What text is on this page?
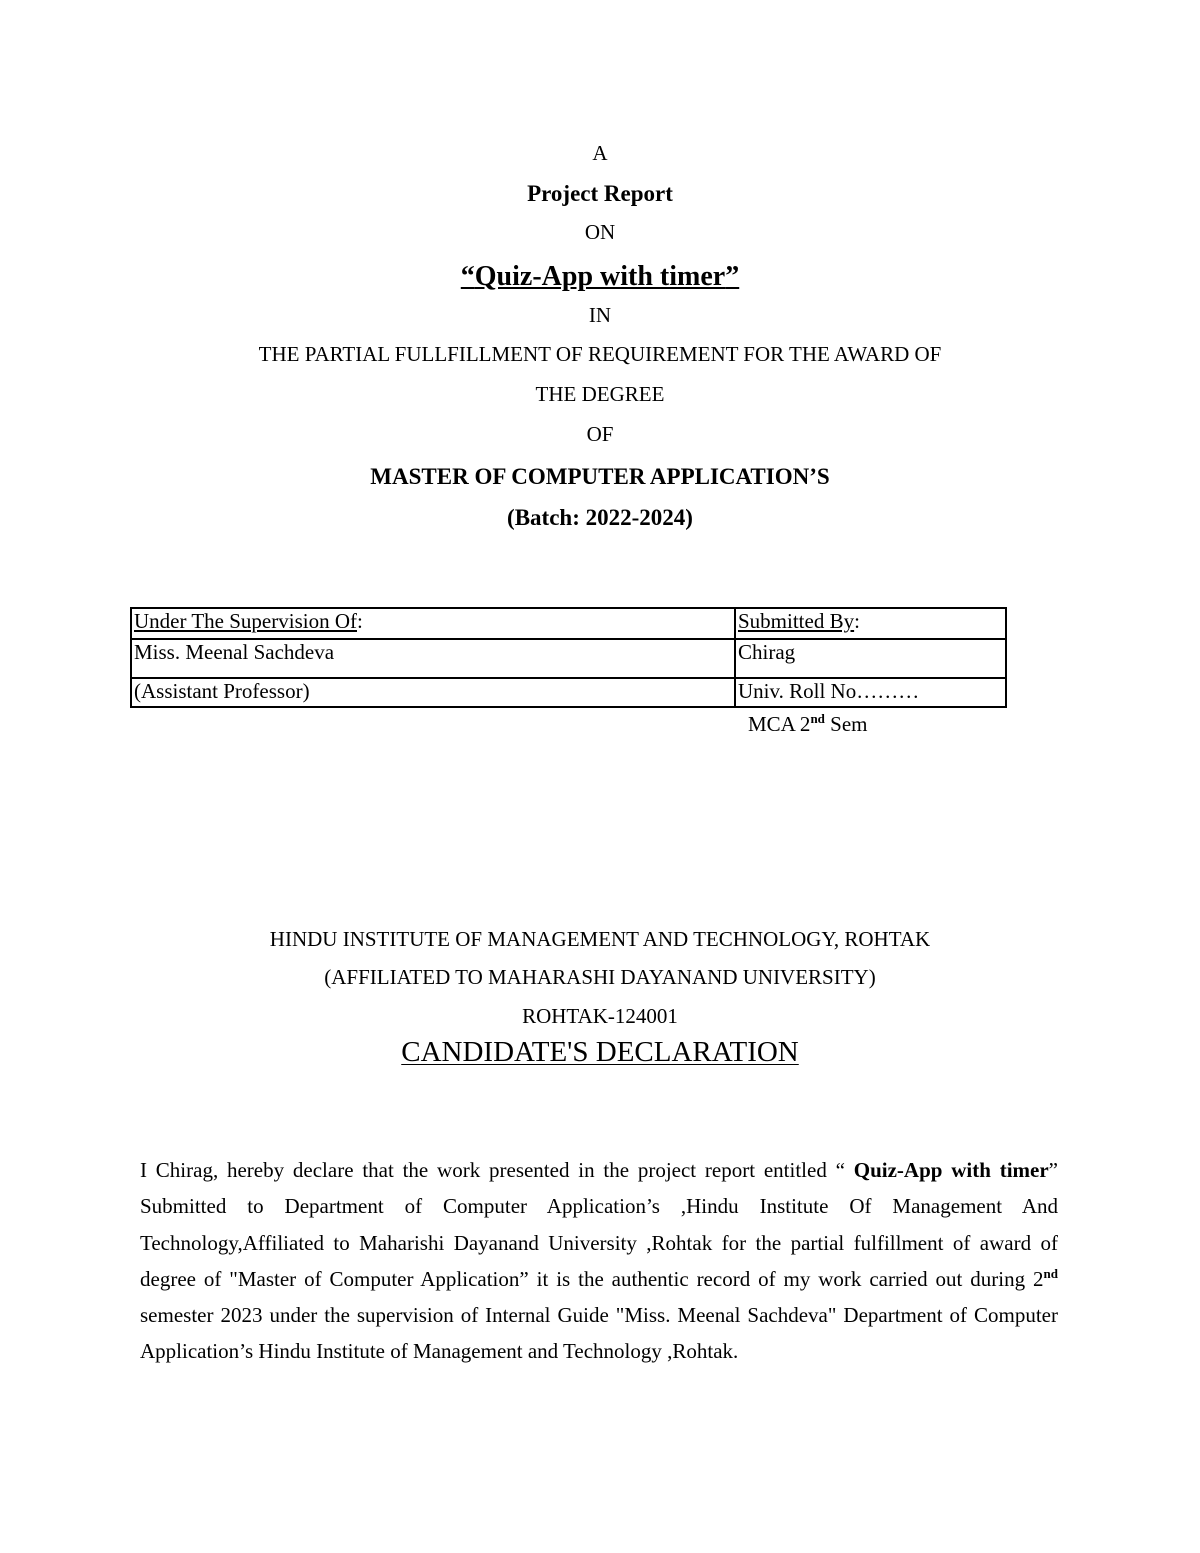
A
Project Report
ON
“Quiz-App with timer”
IN
THE PARTIAL FULLFILLMENT OF REQUIREMENT FOR THE AWARD OF
THE DEGREE
OF
MASTER OF COMPUTER APPLICATION’S
(Batch: 2022-2024)
Under The Supervision Of:	Submitted By:
Miss. Meenal Sachdeva	Chirag
(Assistant Professor)	Univ. Roll No………
MCA 2nd Sem
HINDU INSTITUTE OF MANAGEMENT AND TECHNOLOGY, ROHTAK
(AFFILIATED TO MAHARASHI DAYANAND UNIVERSITY)
ROHTAK-124001
CANDIDATE'S DECLARATION
I Chirag, hereby declare that the work presented in the project report entitled “ Quiz-App with timer” Submitted to Department of Computer Application’s ,Hindu Institute Of Management And Technology,Affiliated to Maharishi Dayanand University ,Rohtak for the partial fulfillment of award of degree of "Master of Computer Application” it is the authentic record of my work carried out during 2nd semester 2023 under the supervision of Internal Guide "Miss. Meenal Sachdeva" Department of Computer Application’s Hindu Institute of Management and Technology ,Rohtak.
